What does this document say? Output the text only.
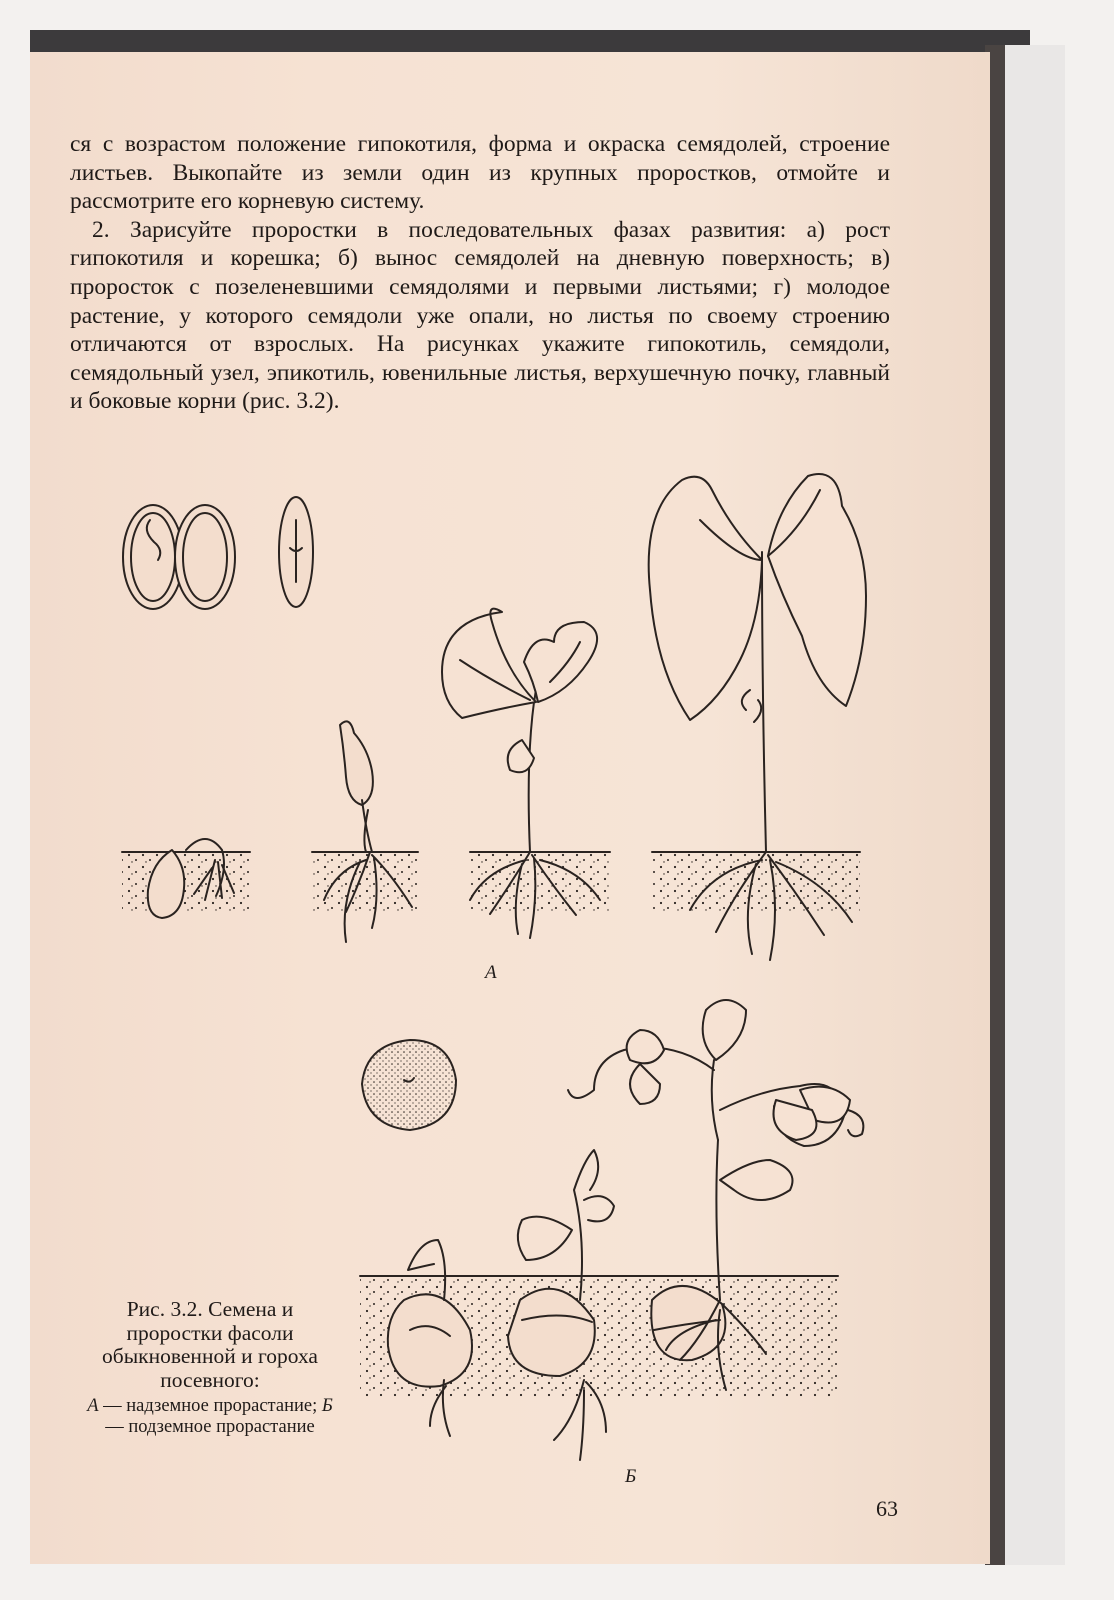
ся с возрастом положение гипокотиля, форма и окраска семядолей, строение листьев. Выкопайте из земли один из крупных проростков, отмойте и рассмотрите его корневую систему.

2. Зарисуйте проростки в последовательных фазах развития: а) рост гипокотиля и корешка; б) вынос семядолей на дневную поверхность; в) проросток с позеленевшими семядолями и первыми листьями; г) молодое растение, у которого семядоли уже опали, но листья по своему строению отличаются от взрослых. На рисунках укажите гипокотиль, семядоли, семядольный узел, эпикотиль, ювенильные листья, верхушечную почку, главный и боковые корни (рис. 3.2).

А
Б
Рис. 3.2. Семена и проростки фасоли обыкновенной и гороха посевного:
А — надземное прорастание; Б — подземное прорастание
63
